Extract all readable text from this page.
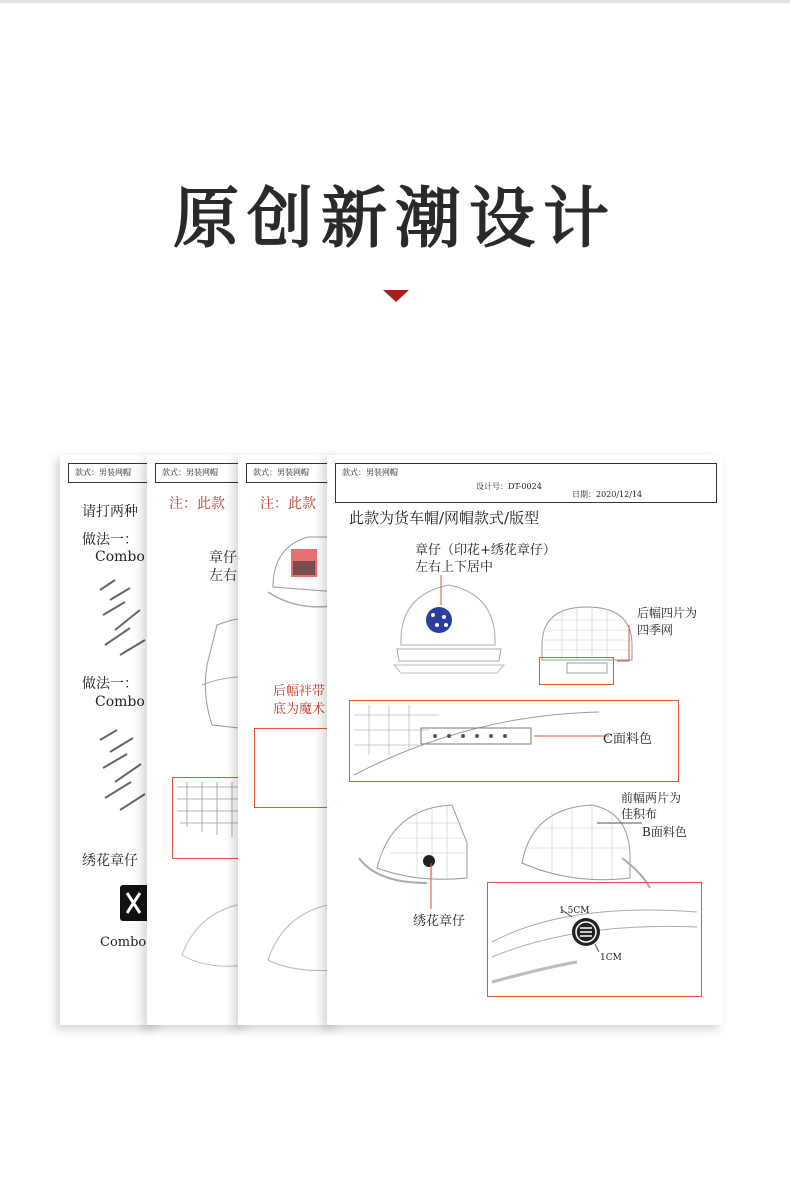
原创新潮设计
款式：男装网帽
请打两种
做法一：
Combo
做法一：
Combo
绣花章仔
Combo
款式：男装网帽
注：此款
章仔
左右
款式：男装网帽
注：此款
后幅袢带
底为魔术
款式：男装网帽
设计号：DT-0024
日期：2020/12/14
此款为货车帽/网帽款式/版型
章仔（印花+绣花章仔）
左右上下居中
后幅四片为
四季网
C面料色
前幅两片为
佳积布
B面料色
绣花章仔
1.5CM
1CM
